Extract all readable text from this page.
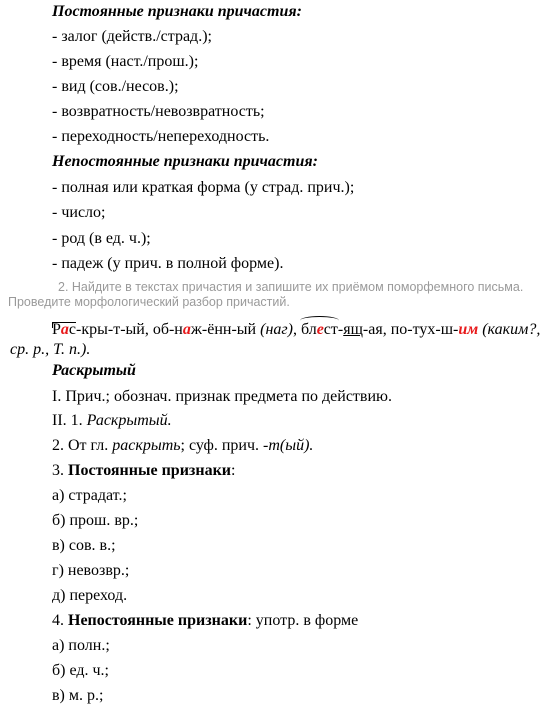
Постоянные признаки причастия:
- залог (действ./страд.);
- время (наст./прош.);
- вид (сов./несов.);
- возвратность/невозвратность;
- переходность/непереходность.
Непостоянные признаки причастия:
- полная или краткая форма (у страд. прич.);
- число;
- род (в ед. ч.);
- падеж (у прич. в полной форме).
2. Найдите в текстах причастия и запишите их приёмом поморфемного письма.
Проведите морфологический разбор причастий.
Рас-кры-т-ый, об-наж-ённ-ый (наг), блест-ящ-ая, по-тух-ш-им (каким?,
ср. р., Т. п.).
Раскрытый
I. Прич.; обознач. признак предмета по действию.
II. 1. Раскрытый.
2. От гл. раскрыть; суф. прич. -т(ый).
3. Постоянные признаки:
а) страдат.;
б) прош. вр.;
в) сов. в.;
г) невозвр.;
д) переход.
4. Непостоянные признаки: употр. в форме
а) полн.;
б) ед. ч.;
в) м. р.;
